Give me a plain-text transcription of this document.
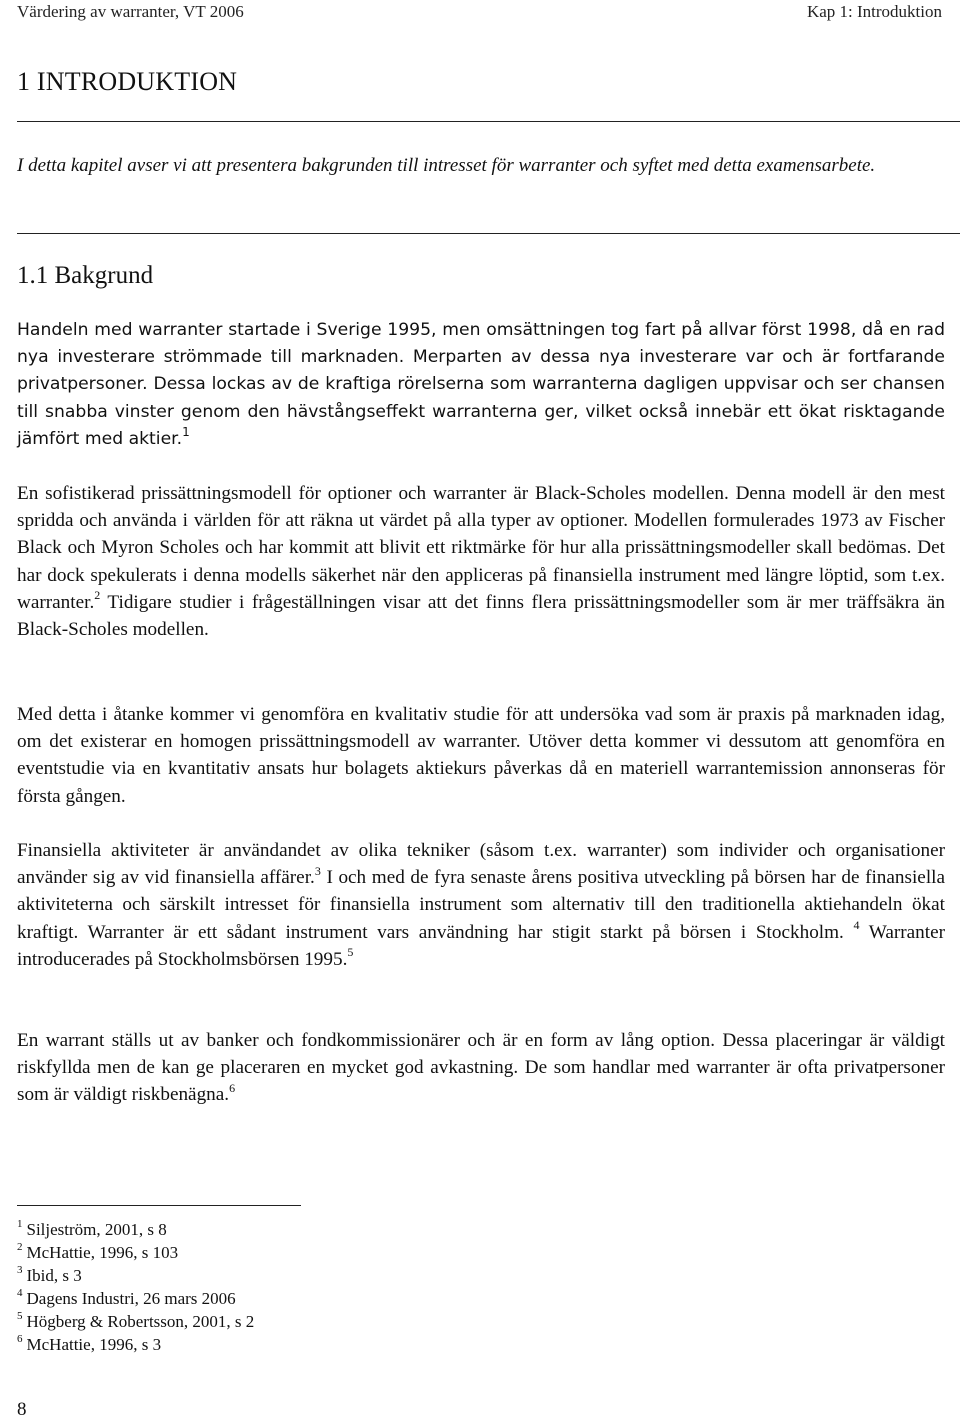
Värdering av warranter, VT 2006	Kap 1: Introduktion
1 INTRODUKTION

I detta kapitel avser vi att presentera bakgrunden till intresset för warranter och syftet med detta examensarbete.

1.1 Bakgrund

Handeln med warranter startade i Sverige 1995, men omsättningen tog fart på allvar först 1998, då en rad nya investerare strömmade till marknaden. Merparten av dessa nya investerare var och är fortfarande privatpersoner. Dessa lockas av de kraftiga rörelserna som warranterna dagligen uppvisar och ser chansen till snabba vinster genom den hävstångseffekt warranterna ger, vilket också innebär ett ökat risktagande jämfört med aktier.$^1$

En sofistikerad prissättningsmodell för optioner och warranter är Black-Scholes modellen. Denna modell är den mest spridda och använda i världen för att räkna ut värdet på alla typer av optioner. Modellen formulerades 1973 av Fischer Black och Myron Scholes och har kommit att blivit ett riktmärke för hur alla prissättningsmodeller skall bedömas. Det har dock spekulerats i denna modells säkerhet när den appliceras på finansiella instrument med längre löptid, som t.ex. warranter.$^2$ Tidigare studier i frågeställningen visar att det finns flera prissättningsmodeller som är mer träffsäkra än Black-Scholes modellen.

Med detta i åtanke kommer vi genomföra en kvalitativ studie för att undersöka vad som är praxis på marknaden idag, om det existerar en homogen prissättningsmodell av warranter. Utöver detta kommer vi dessutom att genomföra en eventstudie via en kvantitativ ansats hur bolagets aktiekurs påverkas då en materiell warrantemission annonseras för första gången.

Finansiella aktiviteter är användandet av olika tekniker (såsom t.ex. warranter) som individer och organisationer använder sig av vid finansiella affärer.$^3$ I och med de fyra senaste årens positiva utveckling på börsen har de finansiella aktiviteterna och särskilt intresset för finansiella instrument som alternativ till den traditionella aktiehandeln ökat kraftigt. Warranter är ett sådant instrument vars användning har stigit starkt på börsen i Stockholm. $^4$ Warranter introducerades på Stockholmsbörsen 1995.$^5$

En warrant ställs ut av banker och fondkommissionärer och är en form av lång option. Dessa placeringar är väldigt riskfyllda men de kan ge placeraren en mycket god avkastning. De som handlar med warranter är ofta privatpersoner som är väldigt riskbenägna.$^6$

$^1$ Siljeström, 2001, s 8
$^2$ McHattie, 1996, s 103
$^3$ Ibid, s 3
$^4$ Dagens Industri, 26 mars 2006
$^5$ Högberg & Robertsson, 2001, s 2
$^6$ McHattie, 1996, s 3
8
